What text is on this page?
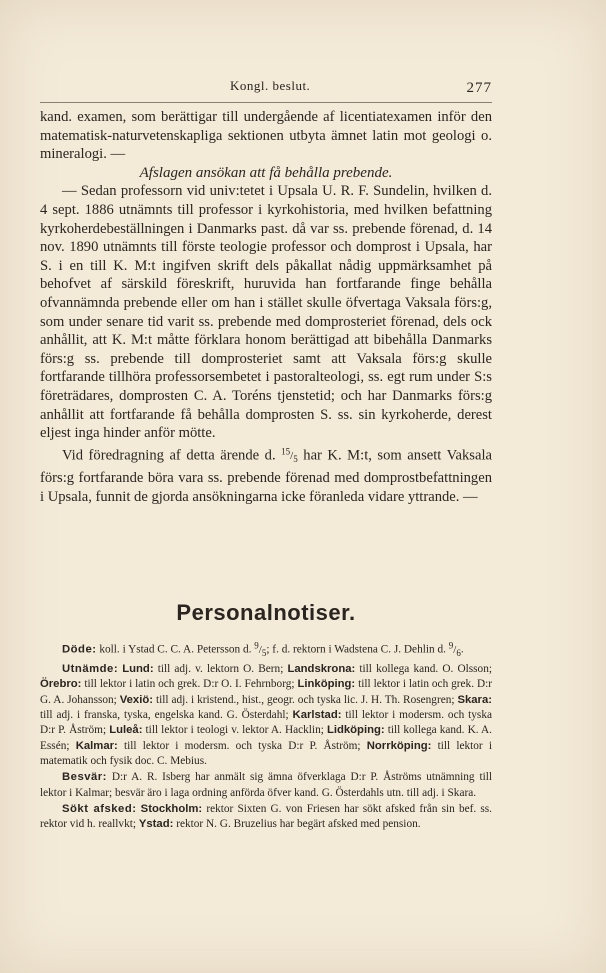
Kongl. beslut.	277

kand. examen, som berättigar till undergående af licentiatexamen inför den matematisk-naturvetenskapliga sektionen utbyta ämnet latin mot geologi o. mineralogi. —

Afslagen ansökan att få behålla prebende.

— Sedan professorn vid univ:tetet i Upsala U. R. F. Sundelin, hvilken d. 4 sept. 1886 utnämnts till professor i kyrkohistoria, med hvilken befattning kyrkoherdebeställningen i Danmarks past. då var ss. prebende förenad, d. 14 nov. 1890 utnämnts till förste teologie professor och domprost i Upsala, har S. i en till K. M:t ingifven skrift dels påkallat nådig uppmärksamhet på behofvet af särskild föreskrift, huruvida han fortfarande finge behålla ofvannämnda prebende eller om han i stället skulle öfvertaga Vaksala förs:g, som under senare tid varit ss. prebende med domprosteriet förenad, dels ock anhållit, att K. M:t måtte förklara honom berättigad att bibehålla Danmarks förs:g ss. prebende till domprosteriet samt att Vaksala förs:g skulle fortfarande tillhöra professorsembetet i pastoralteologi, ss. egt rum under S:s företrädares, domprosten C. A. Toréns tjenstetid; och har Danmarks förs:g anhållit att fortfarande få behålla domprosten S. ss. sin kyrkoherde, derest eljest inga hinder anför mötte.

Vid föredragning af detta ärende d. $^{15}/_5$ har K. M:t, som ansett Vaksala förs:g fortfarande böra vara ss. prebende förenad med domprostbefattningen i Upsala, funnit de gjorda ansökningarna icke föranleda vidare yttrande. —

Personalnotiser.

Döde: koll. i Ystad C. C. A. Petersson d. $^9/_5$; f. d. rektorn i Wadstena C. J. Dehlin d. $^9/_6$.

Utnämde: Lund: till adj. v. lektorn O. Bern; Landskrona: till kollega kand. O. Olsson; Örebro: till lektor i latin och grek. D:r O. I. Fehrnborg; Linköping: till lektor i latin och grek. D:r G. A. Johansson; Vexiö: till adj. i kristend., hist., geogr. och tyska lic. J. H. Th. Rosengren; Skara: till adj. i franska, tyska, engelska kand. G. Österdahl; Karlstad: till lektor i modersm. och tyska D:r P. Åström; Luleå: till lektor i teologi v. lektor A. Hacklin; Lidköping: till kollega kand. K. A. Essén; Kalmar: till lektor i modersm. och tyska D:r P. Åström; Norrköping: till lektor i matematik och fysik doc. C. Mebius.

Besvär: D:r A. R. Isberg har anmält sig ämna öfverklaga D:r P. Åströms utnämning till lektor i Kalmar; besvär äro i laga ordning anförda öfver kand. G. Österdahls utn. till adj. i Skara.

Sökt afsked: Stockholm: rektor Sixten G. von Friesen har sökt afsked från sin bef. ss. rektor vid h. reallvkt; Ystad: rektor N. G. Bruzelius har begärt afsked med pension.
